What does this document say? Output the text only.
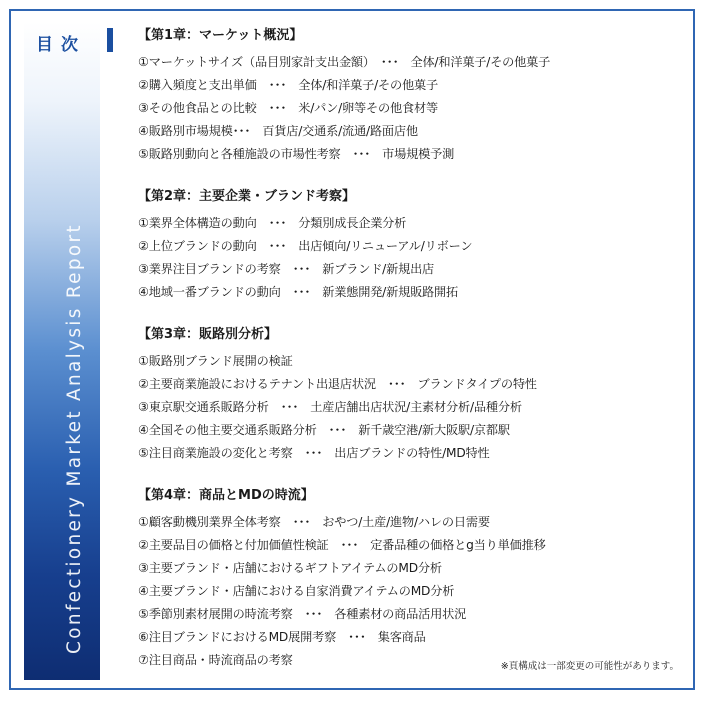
目次
Confectionery Market Analysis Report
【第1章：マーケット概況】
①マーケットサイズ（品目別家計支出金額）　･･･　全体/和洋菓子/その他菓子
②購入頻度と支出単価　･･･　全体/和洋菓子/その他菓子
③その他食品との比較　･･･　米/パン/卵等その他食材等
④販路別市場規模･･･　百貨店/交通系/流通/路面店他
⑤販路別動向と各種施設の市場性考察　･･･　市場規模予測
【第2章：主要企業・ブランド考察】
①業界全体構造の動向　･･･　分類別成長企業分析
②上位ブランドの動向　･･･　出店傾向/リニューアル/リボーン
③業界注目ブランドの考察　･･･　新ブランド/新規出店
④地域一番ブランドの動向　･･･　新業態開発/新規販路開拓
【第3章：販路別分析】
①販路別ブランド展開の検証
②主要商業施設におけるテナント出退店状況　･･･　ブランドタイプの特性
③東京駅交通系販路分析　･･･　土産店舗出店状況/主素材分析/品種分析
④全国その他主要交通系販路分析　･･･　新千歳空港/新大阪駅/京都駅
⑤注目商業施設の変化と考察　･･･　出店ブランドの特性/MD特性
【第4章：商品とMDの時流】
①顧客動機別業界全体考察　･･･　おやつ/土産/進物/ハレの日需要
②主要品目の価格と付加価値性検証　･･･　定番品種の価格とg当り単価推移
③主要ブランド・店舗におけるギフトアイテムのMD分析
④主要ブランド・店舗における自家消費アイテムのMD分析
⑤季節別素材展開の時流考察　･･･　各種素材の商品活用状況
⑥注目ブランドにおけるMD展開考察　･･･　集客商品
⑦注目商品・時流商品の考察	※頁構成は一部変更の可能性があります。
